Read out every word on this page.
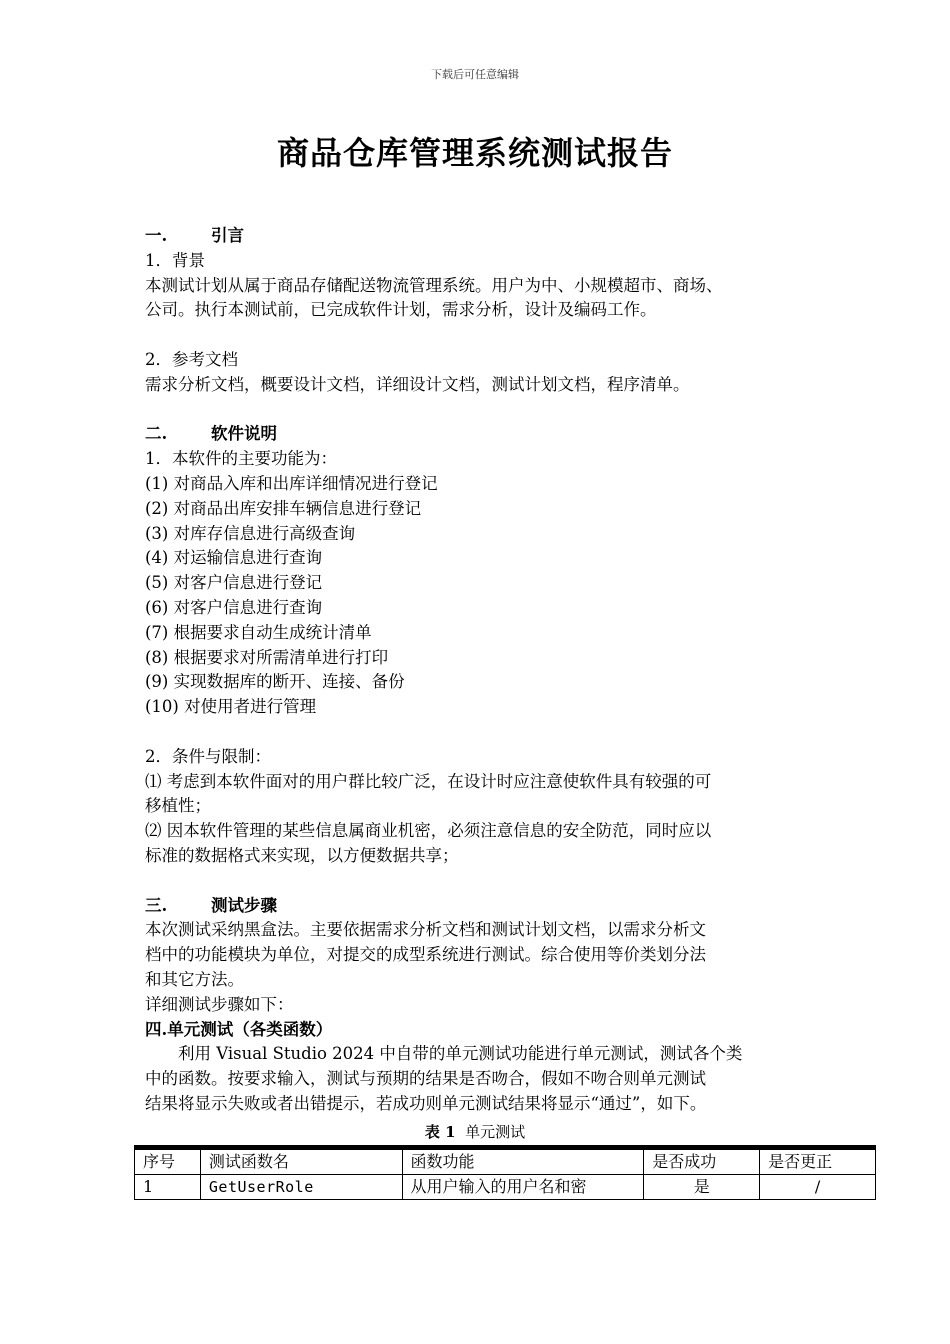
下载后可任意编辑
商品仓库管理系统测试报告
一.	引言
1．背景
本测试计划从属于商品存储配送物流管理系统。用户为中、小规模超市、商场、
公司。执行本测试前，已完成软件计划，需求分析，设计及编码工作。
2．参考文档
需求分析文档，概要设计文档，详细设计文档，测试计划文档，程序清单。
二.	软件说明
1．本软件的主要功能为：
(1) 对商品入库和出库详细情况进行登记
(2) 对商品出库安排车辆信息进行登记
(3) 对库存信息进行高级查询
(4) 对运输信息进行查询
(5) 对客户信息进行登记
(6) 对客户信息进行查询
(7) 根据要求自动生成统计清单
(8) 根据要求对所需清单进行打印
(9) 实现数据库的断开、连接、备份
(10) 对使用者进行管理
2．条件与限制：
⑴ 考虑到本软件面对的用户群比较广泛，在设计时应注意使软件具有较强的可
移植性；
⑵ 因本软件管理的某些信息属商业机密，必须注意信息的安全防范，同时应以
标准的数据格式来实现，以方便数据共享；
三.	测试步骤
本次测试采纳黑盒法。主要依据需求分析文档和测试计划文档，以需求分析文
档中的功能模块为单位，对提交的成型系统进行测试。综合使用等价类划分法
和其它方法。
详细测试步骤如下：
四.单元测试（各类函数）
利用 Visual Studio 2024 中自带的单元测试功能进行单元测试，测试各个类
中的函数。按要求输入，测试与预期的结果是否吻合，假如不吻合则单元测试
结果将显示失败或者出错提示，若成功则单元测试结果将显示“通过”，如下。
表 1 单元测试
序号	测试函数名	函数功能	是否成功	是否更正
1	GetUserRole	从用户输入的用户名和密	是	/
